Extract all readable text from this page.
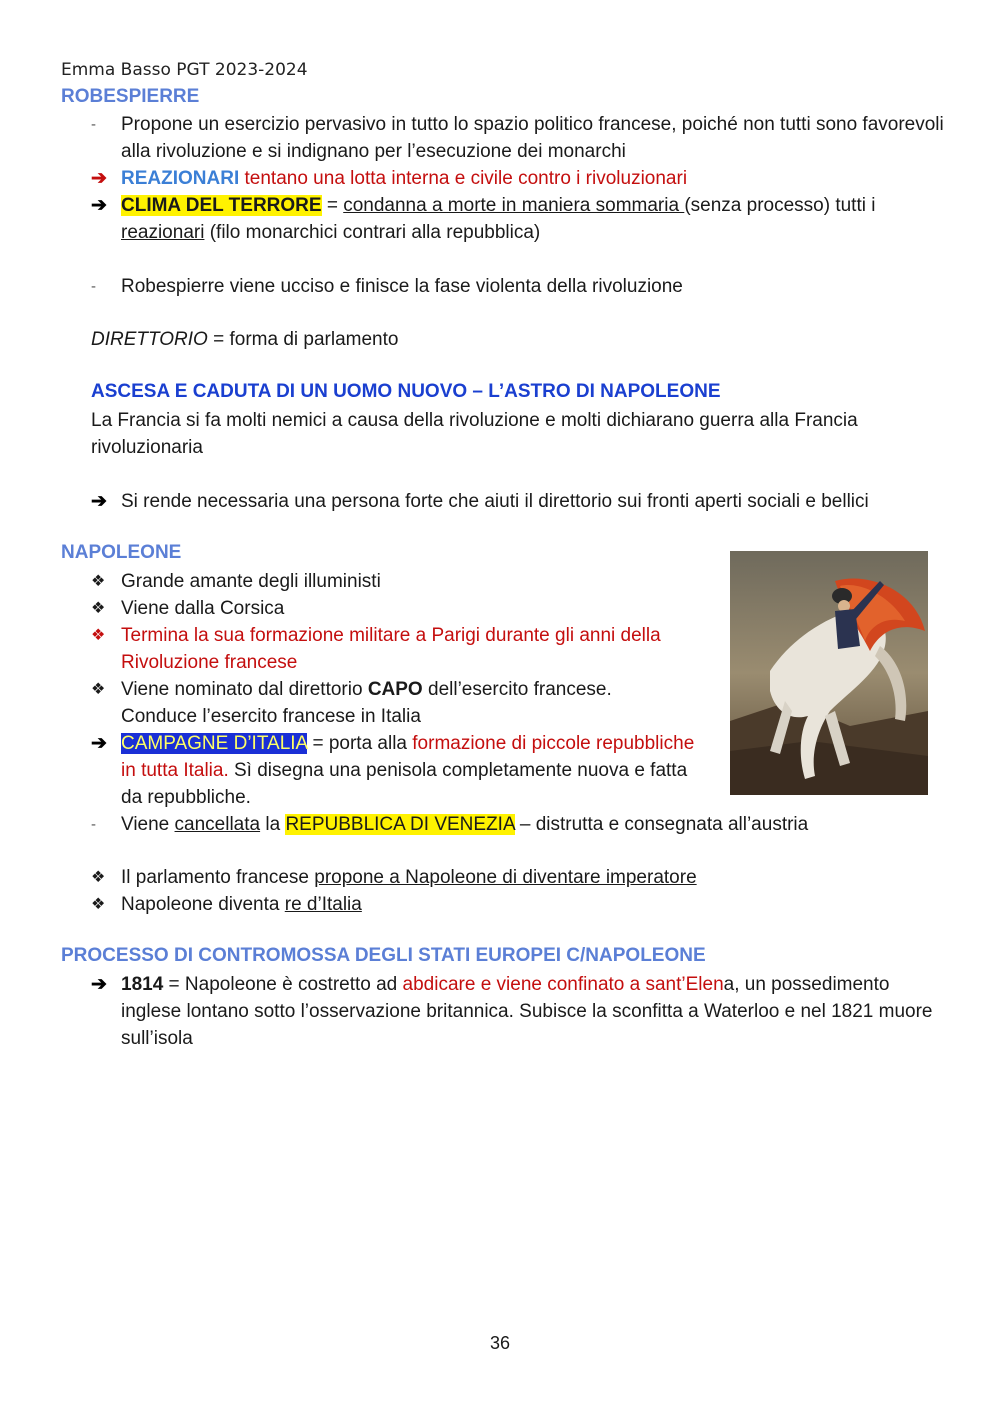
Emma Basso PGT 2023-2024
ROBESPIERRE
-	Propone un esercizio pervasivo in tutto lo spazio politico francese, poiché non tutti sono favorevoli alla rivoluzione e si indignano per l’esecuzione dei monarchi
➔ REAZIONARI tentano una lotta interna e civile contro i rivoluzionari
➔ CLIMA DEL TERRORE = condanna a morte in maniera sommaria (senza processo) tutti i reazionari (filo monarchici contrari alla repubblica)
-	Robespierre viene ucciso e finisce la fase violenta della rivoluzione
DIRETTORIO = forma di parlamento
ASCESA E CADUTA DI UN UOMO NUOVO – L’ASTRO DI NAPOLEONE
La Francia si fa molti nemici a causa della rivoluzione e molti dichiarano guerra alla Francia rivoluzionaria
➔ Si rende necessaria una persona forte che aiuti il direttorio sui fronti aperti sociali e bellici
NAPOLEONE
❖ Grande amante degli illuministi
❖ Viene dalla Corsica
❖ Termina la sua formazione militare a Parigi durante gli anni della Rivoluzione francese
❖ Viene nominato dal direttorio CAPO dell’esercito francese.
Conduce l’esercito francese in Italia
➔ CAMPAGNE D’ITALIA = porta alla formazione di piccole repubbliche in tutta Italia. Sì disegna una penisola completamente nuova e fatta da repubbliche.
-	Viene cancellata la REPUBBLICA DI VENEZIA – distrutta e consegnata all’austria
❖ Il parlamento francese propone a Napoleone di diventare imperatore
❖ Napoleone diventa re d’Italia
PROCESSO DI CONTROMOSSA DEGLI STATI EUROPEI C/NAPOLEONE
➔ 1814 = Napoleone è costretto ad abdicare e viene confinato a sant’Elena, un possedimento inglese lontano sotto l’osservazione britannica. Subisce la sconfitta a Waterloo e nel 1821 muore sull’isola
36
